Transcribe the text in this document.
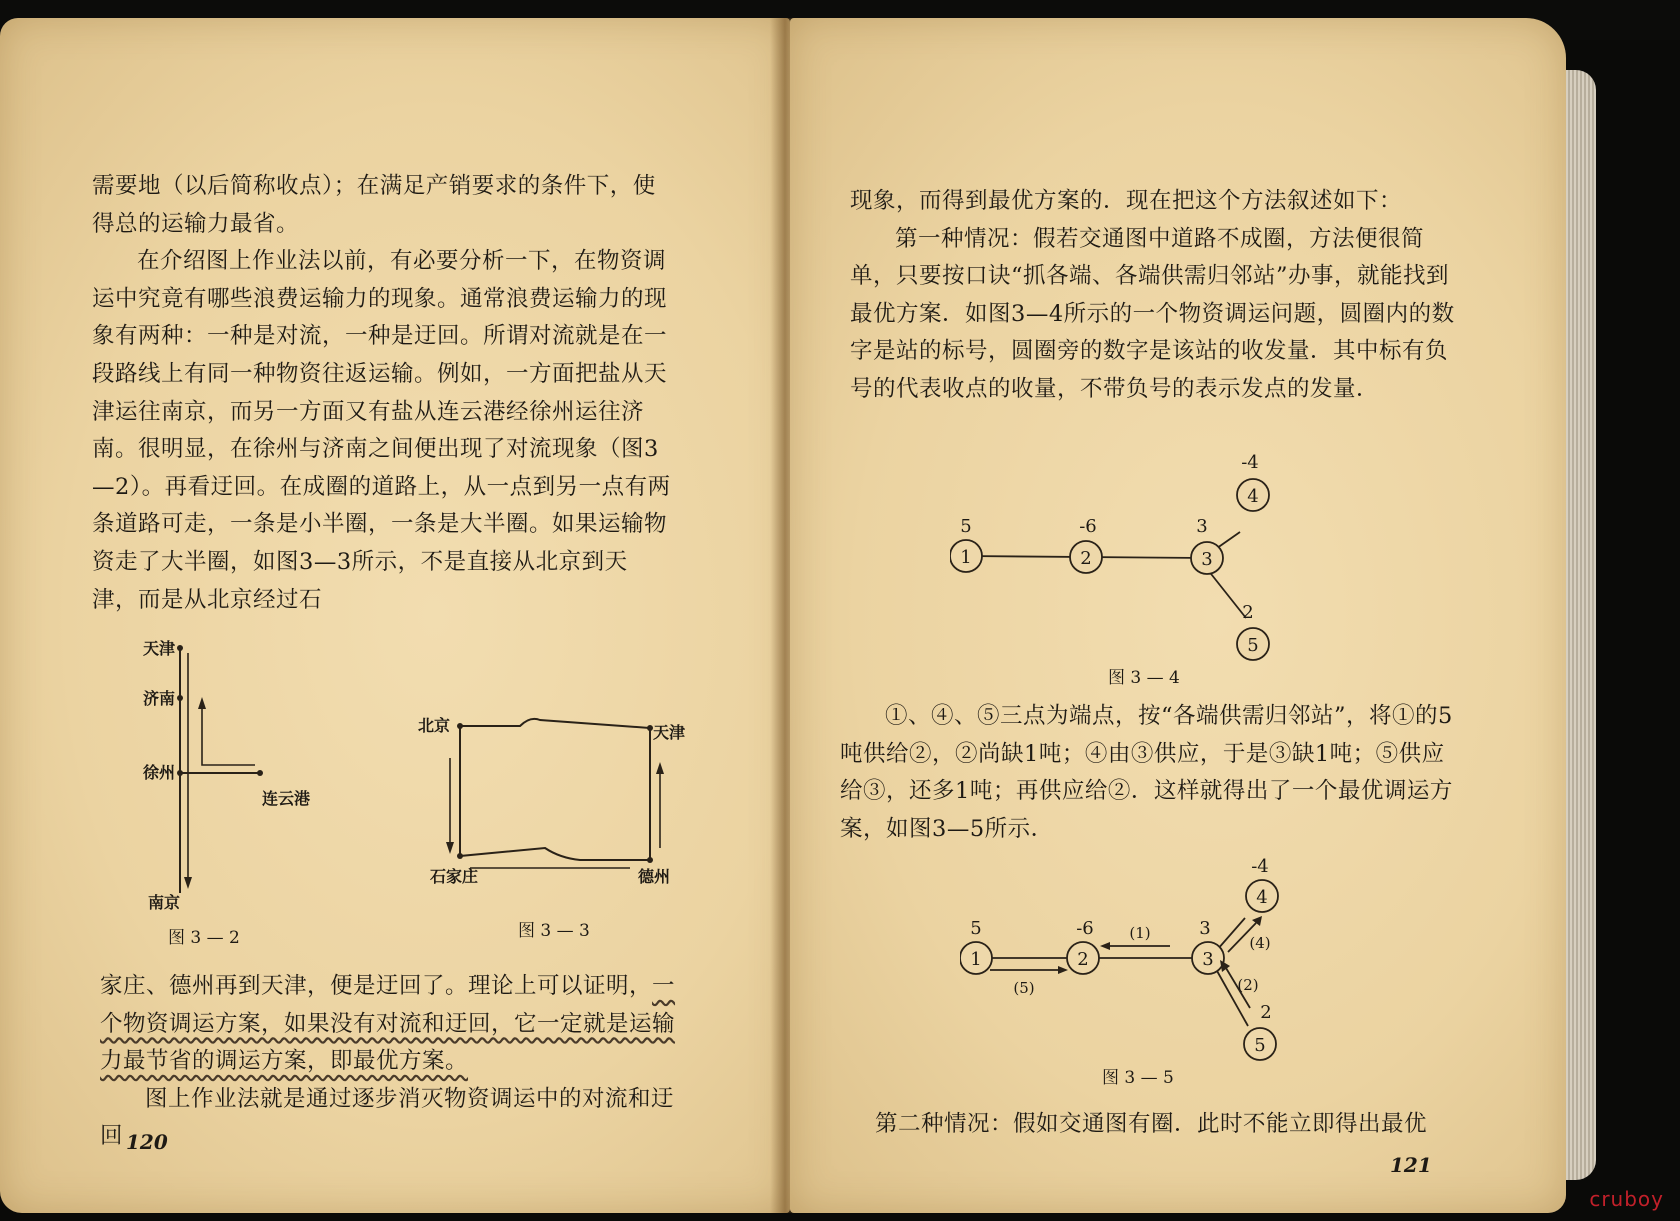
需要地（以后简称收点）；在满足产销要求的条件下，使得总的运输力最省。

在介绍图上作业法以前，有必要分析一下，在物资调运中究竟有哪些浪费运输力的现象。通常浪费运输力的现象有两种：一种是对流，一种是迂回。所谓对流就是在一段路线上有同一种物资往返运输。例如，一方面把盐从天津运往南京，而另一方面又有盐从连云港经徐州运往济南。很明显，在徐州与济南之间便出现了对流现象（图3—2）。再看迂回。在成圈的道路上，从一点到另一点有两条道路可走，一条是小半圈，一条是大半圈。如果运输物资走了大半圈，如图3—3所示，不是直接从北京到天津，而是从北京经过石

天津
济南
徐州
连云港
南京
图 3 — 2
北京	天津
石家庄	德州
图 3 — 3

家庄、德州再到天津，便是迂回了。理论上可以证明，一个物资调运方案，如果没有对流和迂回，它一定就是运输力最节省的调运方案，即最优方案。

图上作业法就是通过逐步消灭物资调运中的对流和迂回 120

现象，而得到最优方案的．现在把这个方法叙述如下：

第一种情况：假若交通图中道路不成圈，方法便很简单，只要按口诀“抓各端、各端供需归邻站”办事，就能找到最优方案．如图3—4所示的一个物资调运问题，圆圈内的数字是站的标号，圆圈旁的数字是该站的收发量．其中标有负号的代表收点的收量，不带负号的表示发点的发量．

1	2	3
4
5
5	-6	3
-4
2
图 3 — 4

①、④、⑤三点为端点，按“各端供需归邻站”，将①的5吨供给②，②尚缺1吨；④由③供应，于是③缺1吨；⑤供应给③，还多1吨；再供应给②．这样就得出了一个最优调运方案，如图3—5所示．

1	2	3
4
5
5	-6	3
-4
2
(5)
(1)
(4)
(2)
图 3 — 5

第二种情况：假如交通图有圈．此时不能立即得出最优

121
cruboy
